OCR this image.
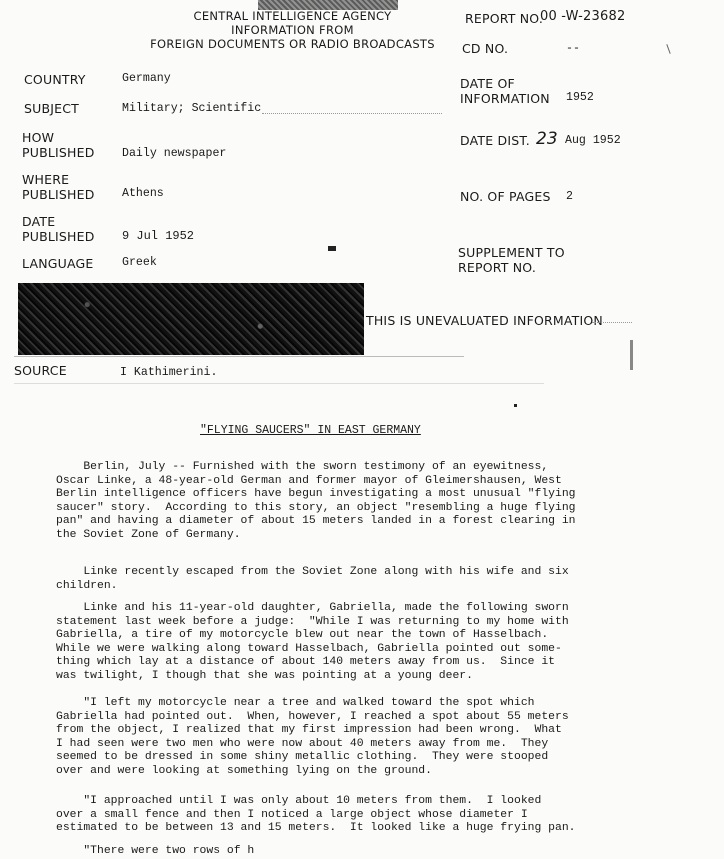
CENTRAL INTELLIGENCE AGENCY
INFORMATION FROM
FOREIGN DOCUMENTS OR RADIO BROADCASTS
REPORT NO.
00 -W-23682
CD NO.	--
COUNTRY	Germany
SUBJECT	Military; Scientific
HOW
PUBLISHED Daily newspaper
WHERE
PUBLISHED Athens
DATE
PUBLISHED 9 Jul 1952
LANGUAGE Greek
DATE OF
INFORMATION 1952
DATE DIST. 23 Aug 1952
NO. OF PAGES 2
SUPPLEMENT TO
REPORT NO.
THIS IS UNEVALUATED INFORMATION
SOURCE	I Kathimerini.
"FLYING SAUCERS" IN EAST GERMANY
Berlin, July -- Furnished with the sworn testimony of an eyewitness,
Oscar Linke, a 48-year-old German and former mayor of Gleimershausen, West
Berlin intelligence officers have begun investigating a most unusual "flying
saucer" story.  According to this story, an object "resembling a huge flying
pan" and having a diameter of about 15 meters landed in a forest clearing in
the Soviet Zone of Germany.
Linke recently escaped from the Soviet Zone along with his wife and six
children.
Linke and his 11-year-old daughter, Gabriella, made the following sworn
statement last week before a judge:  "While I was returning to my home with
Gabriella, a tire of my motorcycle blew out near the town of Hasselbach.
While we were walking along toward Hasselbach, Gabriella pointed out some-
thing which lay at a distance of about 140 meters away from us.  Since it
was twilight, I though that she was pointing at a young deer.
"I left my motorcycle near a tree and walked toward the spot which
Gabriella had pointed out.  When, however, I reached a spot about 55 meters
from the object, I realized that my first impression had been wrong.  What
I had seen were two men who were now about 40 meters away from me.  They
seemed to be dressed in some shiny metallic clothing.  They were stooped
over and were looking at something lying on the ground.
"I approached until I was only about 10 meters from them.  I looked
over a small fence and then I noticed a large object whose diameter I
estimated to be between 13 and 15 meters.  It looked like a huge frying pan.
"There were two rows of h
